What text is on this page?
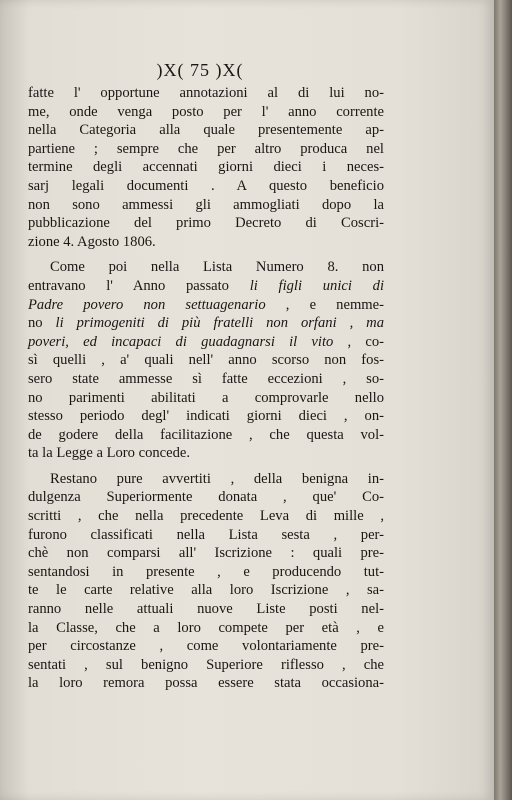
)X( 75 )X(
fatte l' opportune annotazioni al di lui no-
me, onde venga posto per l' anno corrente
nella Categoria alla quale presentemente ap-
partiene ; sempre che per altro produca nel
termine degli accennati giorni dieci i neces-
sarj legali documenti . A questo beneficio
non sono ammessi gli ammogliati dopo la
pubblicazione del primo Decreto di Coscri-
zione 4. Agosto 1806.
Come poi nella Lista Numero 8. non
entravano l' Anno passato li figli unici di
Padre povero non settuagenario , e nemme-
no li primogeniti di più fratelli non orfani , ma
poveri, ed incapaci di guadagnarsi il vito , co-
sì quelli , a' quali nell' anno scorso non fos-
sero state ammesse sì fatte eccezioni , so-
no parimenti abilitati a comprovarle nello
stesso periodo degl' indicati giorni dieci , on-
de godere della facilitazione , che questa vol-
ta la Legge a Loro concede.
Restano pure avvertiti , della benigna in-
dulgenza Superiormente donata , que' Co-
scritti , che nella precedente Leva di mille ,
furono classificati nella Lista sesta , per-
chè non comparsi all' Iscrizione : quali pre-
sentandosi in presente , e producendo tut-
te le carte relative alla loro Iscrizione , sa-
ranno nelle attuali nuove Liste posti nel-
la Classe, che a loro compete per età , e
per circostanze , come volontariamente pre-
sentati , sul benigno Superiore riflesso , che
la loro remora possa essere stata occasiona-
